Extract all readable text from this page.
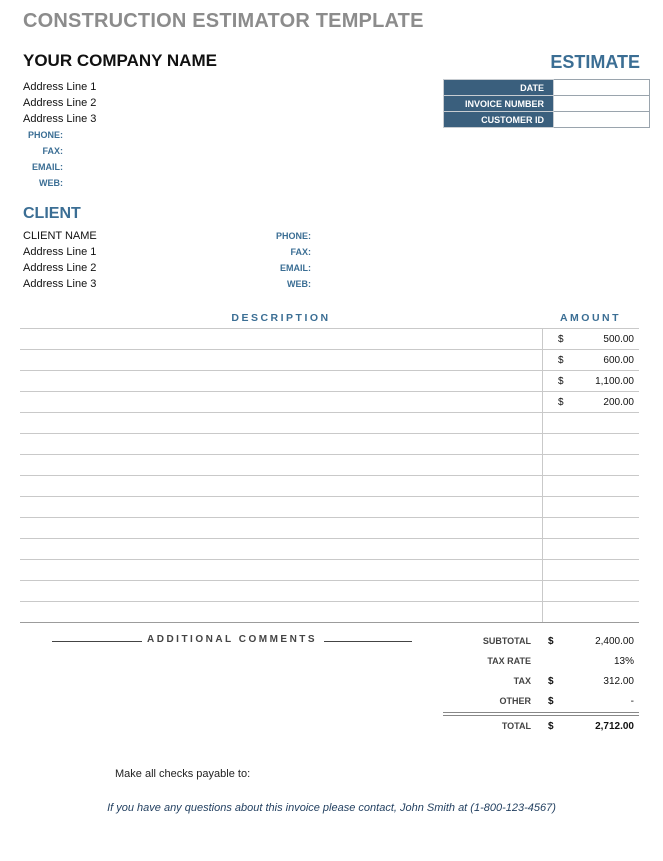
CONSTRUCTION ESTIMATOR TEMPLATE
YOUR COMPANY NAME	ESTIMATE
Address Line 1
Address Line 2
Address Line 3
PHONE:
FAX:
EMAIL:
WEB:
DATE	
INVOICE NUMBER	
CUSTOMER ID	
CLIENT
CLIENT NAME
Address Line 1
Address Line 2
Address Line 3
PHONE:
FAX:
EMAIL:
WEB:
DESCRIPTION	AMOUNT
$	500.00
$	600.00
$	1,100.00
$	200.00
ADDITIONAL COMMENTS	SUBTOTAL $	2,400.00
TAX RATE	13%
TAX $	312.00
OTHER $	-
TOTAL $	2,712.00
Make all checks payable to:
If you have any questions about this invoice please contact, John Smith at (1-800-123-4567)
